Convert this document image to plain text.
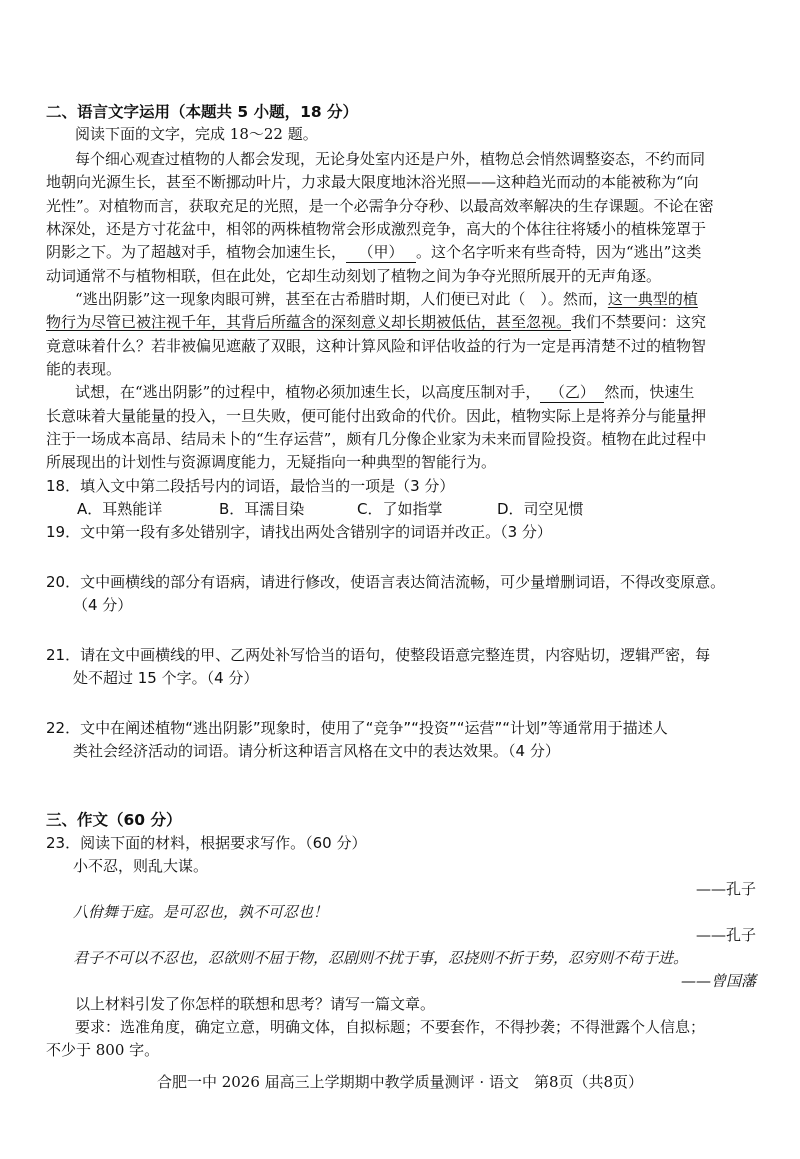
二、语言文字运用（本题共 5 小题，18 分）
阅读下面的文字，完成 18～22 题。
每个细心观查过植物的人都会发现，无论身处室内还是户外，植物总会悄然调整姿态，不约而同
地朝向光源生长，甚至不断挪动叶片，力求最大限度地沐浴光照——这种趋光而动的本能被称为“向
光性”。对植物而言，获取充足的光照，是一个必需争分夺秒、以最高效率解决的生存课题。不论在密
林深处，还是方寸花盆中，相邻的两株植物常会形成激烈竞争，高大的个体往往将矮小的植株笼罩于
阴影之下。为了超越对手，植物会加速生长， （甲） 。这个名字听来有些奇特，因为“逃出”这类
动词通常不与植物相联，但在此处，它却生动刻划了植物之间为争夺光照所展开的无声角逐。
“逃出阴影”这一现象肉眼可辨，甚至在古希腊时期，人们便已对此（　）。然而，这一典型的植
物行为尽管已被注视千年，其背后所蕴含的深刻意义却长期被低估，甚至忽视。我们不禁要问：这究
竟意味着什么？若非被偏见遮蔽了双眼，这种计算风险和评估收益的行为一定是再清楚不过的植物智
能的表现。
试想，在“逃出阴影”的过程中，植物必须加速生长，以高度压制对手， （乙） 然而，快速生
长意味着大量能量的投入，一旦失败，便可能付出致命的代价。因此，植物实际上是将养分与能量押
注于一场成本高昂、结局未卜的“生存运营”，颇有几分像企业家为未来而冒险投资。植物在此过程中
所展现出的计划性与资源调度能力，无疑指向一种典型的智能行为。
18．填入文中第二段括号内的词语，最恰当的一项是（3 分）
A．耳熟能详	B．耳濡目染	C．了如指掌	D．司空见惯
19．文中第一段有多处错别字，请找出两处含错别字的词语并改正。（3 分）
20．文中画横线的部分有语病，请进行修改，使语言表达简洁流畅，可少量增删词语，不得改变原意。
（4 分）
21．请在文中画横线的甲、乙两处补写恰当的语句，使整段语意完整连贯，内容贴切，逻辑严密，每
处不超过 15 个字。（4 分）
22．文中在阐述植物“逃出阴影”现象时，使用了“竞争”“投资”“运营”“计划”等通常用于描述人
类社会经济活动的词语。请分析这种语言风格在文中的表达效果。（4 分）
三、作文（60 分）
23．阅读下面的材料，根据要求写作。（60 分）
小不忍，则乱大谋。
——孔子
八佾舞于庭。是可忍也，孰不可忍也！
——孔子
君子不可以不忍也，忍欲则不屈于物，忍剧则不扰于事，忍挠则不折于势，忍穷则不苟于进。
——曾国藩
以上材料引发了你怎样的联想和思考？请写一篇文章。
要求：选准角度，确定立意，明确文体，自拟标题；不要套作，不得抄袭；不得泄露个人信息；
不少于 800 字。
合肥一中 2026 届高三上学期期中教学质量测评 · 语文　第8页（共8页）
